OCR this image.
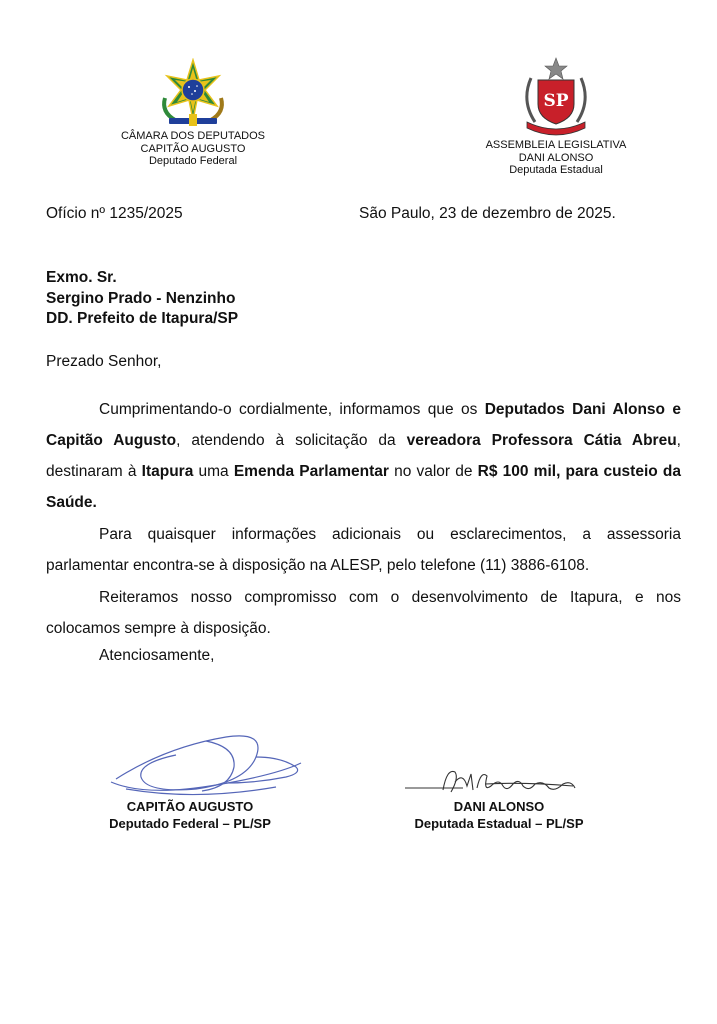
CÂMARA DOS DEPUTADOS
CAPITÃO AUGUSTO
Deputado Federal
SP
ASSEMBLEIA LEGISLATIVA
DANI ALONSO
Deputada Estadual
Ofício nº 1235/2025	São Paulo, 23 de dezembro de 2025.
Exmo. Sr.
Sergino Prado - Nenzinho
DD. Prefeito de Itapura/SP
Prezado Senhor,

Cumprimentando-o cordialmente, informamos que os Deputados Dani Alonso e Capitão Augusto, atendendo à solicitação da vereadora Professora Cátia Abreu, destinaram à Itapura uma Emenda Parlamentar no valor de R$ 100 mil, para custeio da Saúde.

Para quaisquer informações adicionais ou esclarecimentos, a assessoria parlamentar encontra-se à disposição na ALESP, pelo telefone (11) 3886-6108.

Reiteramos nosso compromisso com o desenvolvimento de Itapura, e nos colocamos sempre à disposição.

Atenciosamente,
CAPITÃO AUGUSTO
Deputado Federal – PL/SP
DANI ALONSO
Deputada Estadual – PL/SP
